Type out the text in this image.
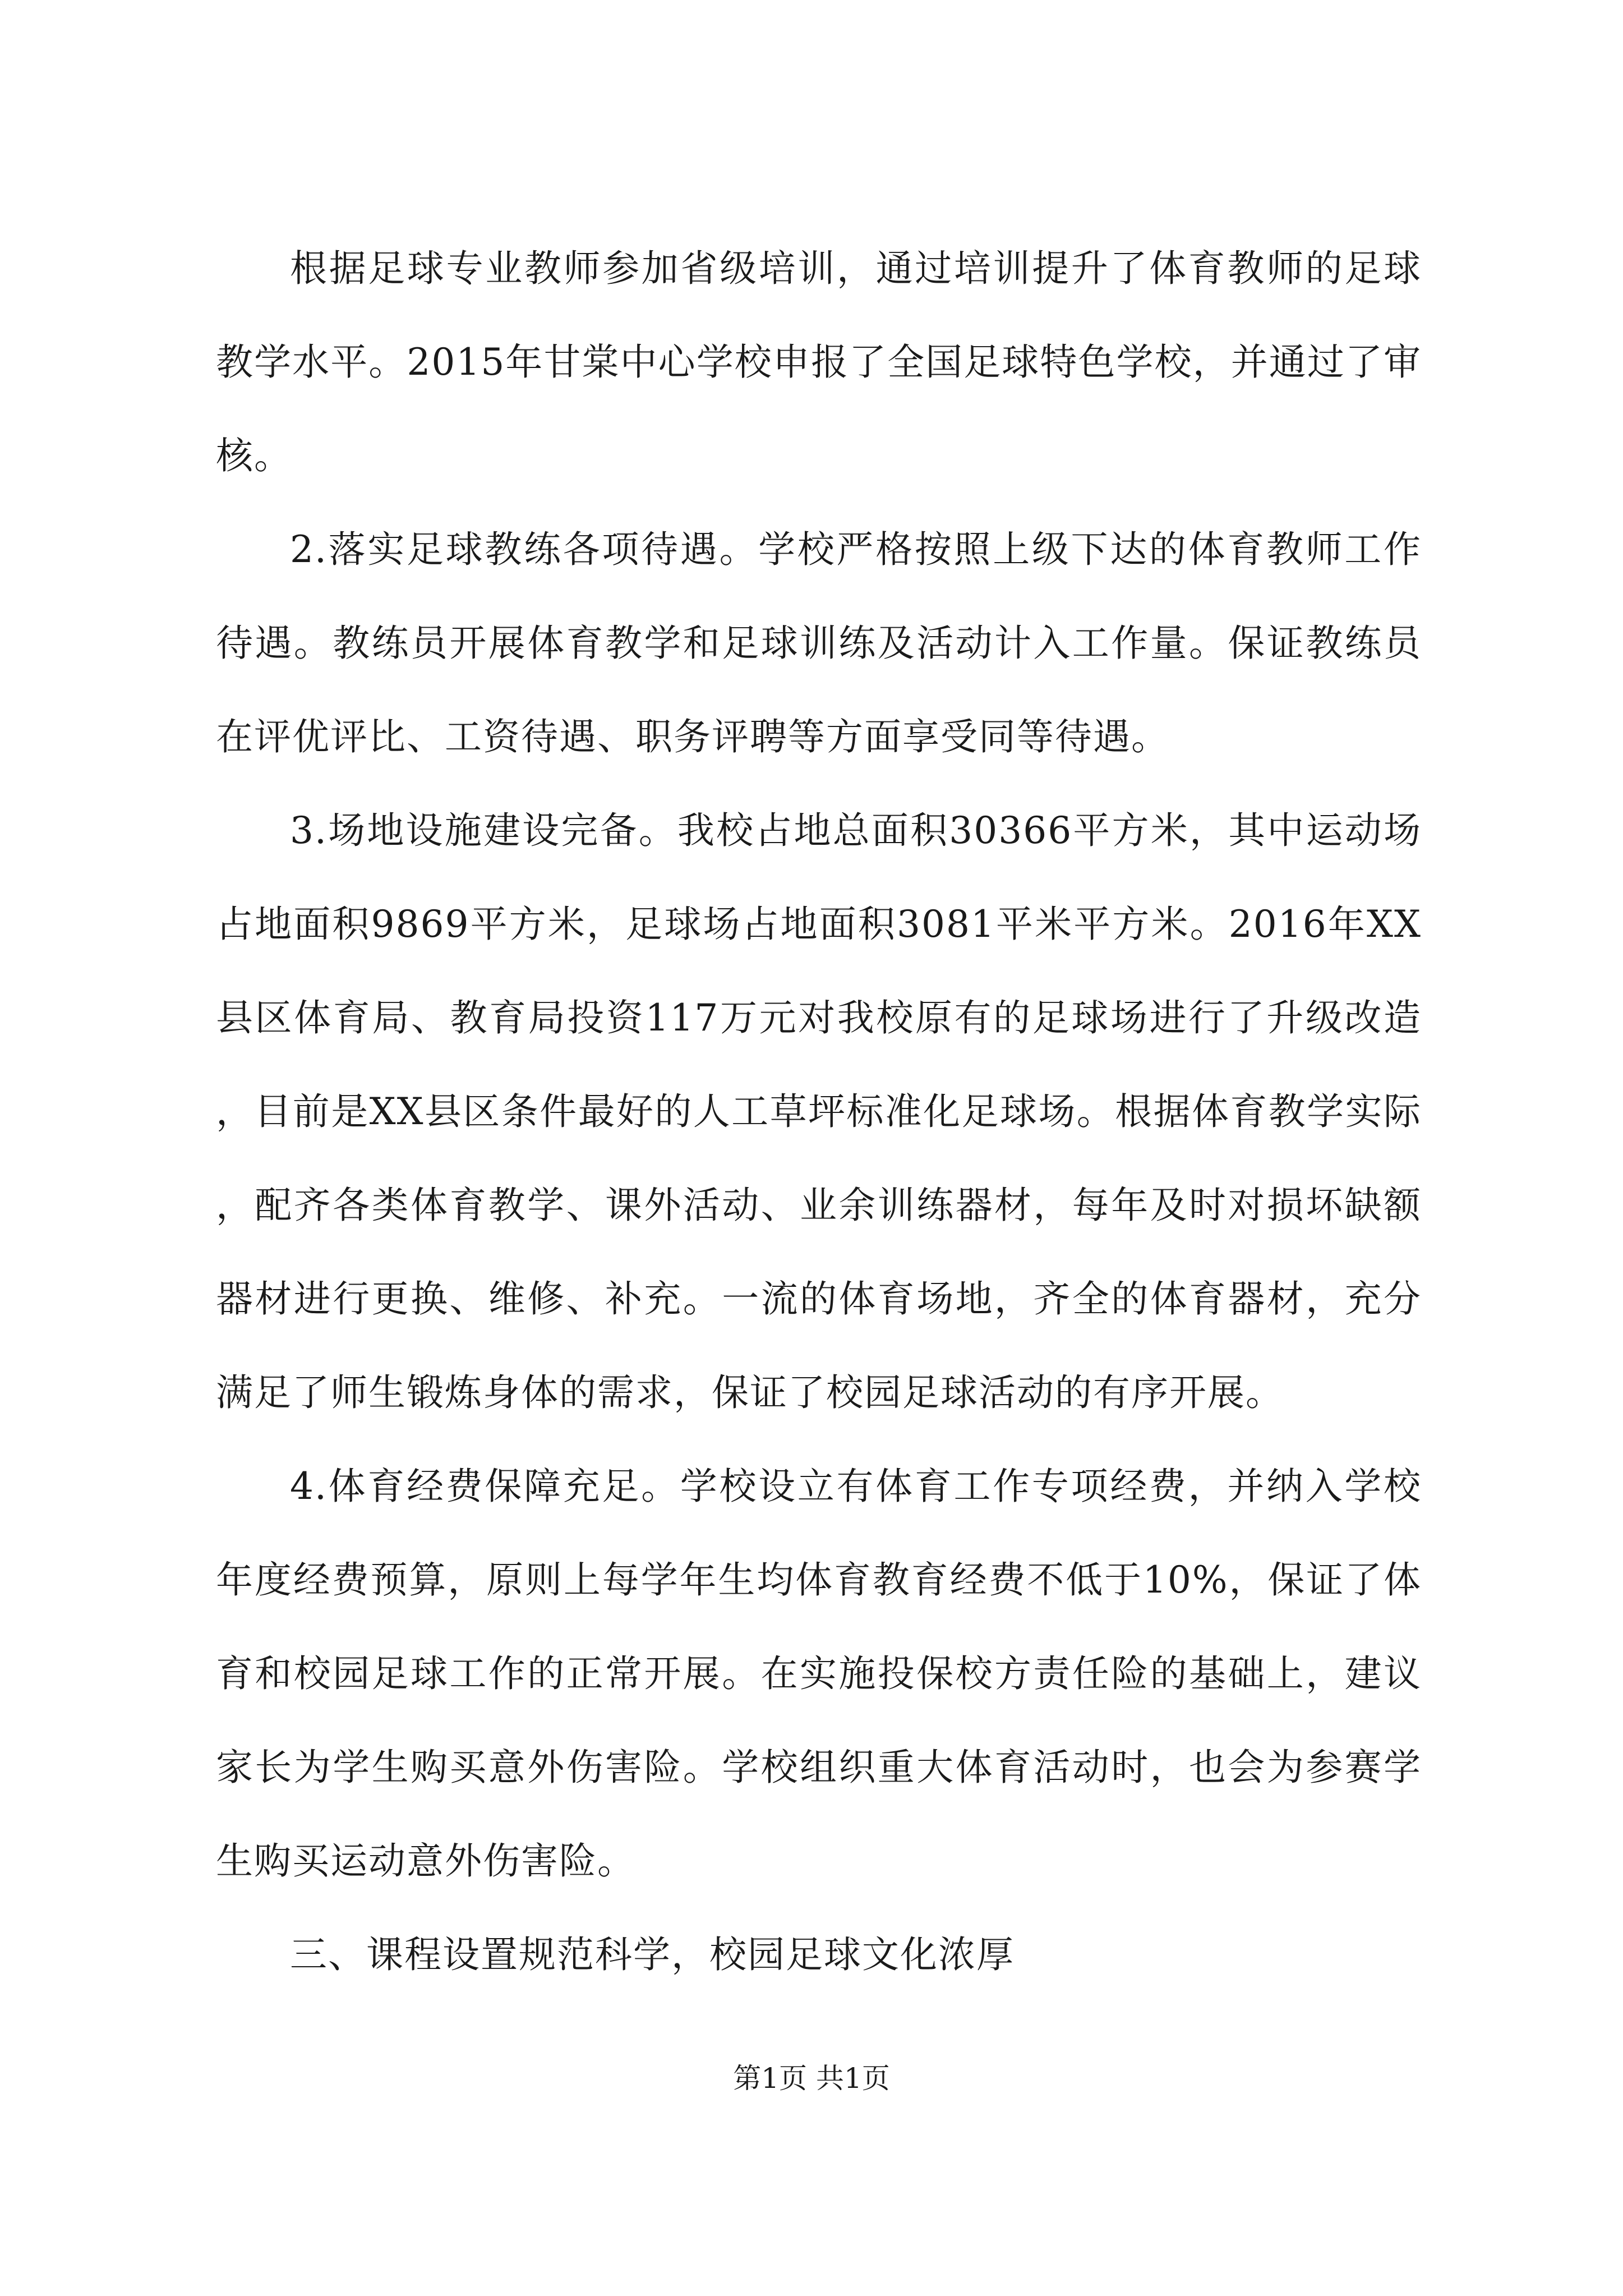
根据足球专业教师参加省级培训，通过培训提升了体育教师的足球教学水平。2015年甘棠中心学校申报了全国足球特色学校，并通过了审核。

2.落实足球教练各项待遇。学校严格按照上级下达的体育教师工作待遇。教练员开展体育教学和足球训练及活动计入工作量。保证教练员在评优评比、工资待遇、职务评聘等方面享受同等待遇。

3.场地设施建设完备。我校占地总面积30366平方米，其中运动场占地面积9869平方米，足球场占地面积3081平米平方米。2016年XX县区体育局、教育局投资117万元对我校原有的足球场进行了升级改造，目前是XX县区条件最好的人工草坪标准化足球场。根据体育教学实际，配齐各类体育教学、课外活动、业余训练器材，每年及时对损坏缺额器材进行更换、维修、补充。一流的体育场地，齐全的体育器材，充分满足了师生锻炼身体的需求，保证了校园足球活动的有序开展。

4.体育经费保障充足。学校设立有体育工作专项经费，并纳入学校年度经费预算，原则上每学年生均体育教育经费不低于10%，保证了体育和校园足球工作的正常开展。在实施投保校方责任险的基础上，建议家长为学生购买意外伤害险。学校组织重大体育活动时，也会为参赛学生购买运动意外伤害险。

三、课程设置规范科学，校园足球文化浓厚

第1页 共1页
